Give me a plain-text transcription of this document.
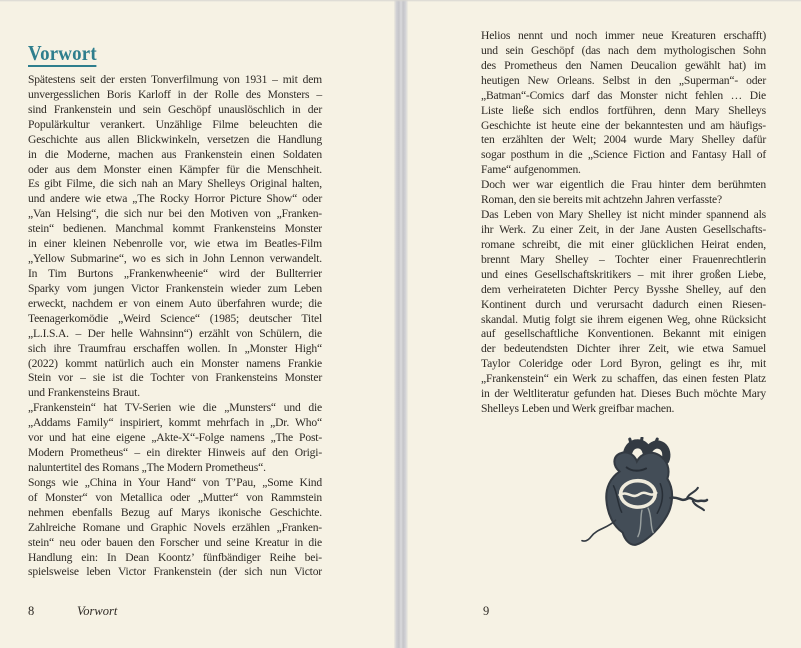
Vorwort
Spätestens seit der ersten Tonverfilmung von 1931 – mit dem
unvergesslichen Boris Karloff in der Rolle des Monsters –
sind Frankenstein und sein Geschöpf unauslöschlich in der
Populärkultur verankert. Unzählige Filme beleuchten die
Geschichte aus allen Blickwinkeln, versetzen die Handlung
in die Moderne, machen aus Frankenstein einen Soldaten
oder aus dem Monster einen Kämpfer für die Menschheit.
Es gibt Filme, die sich nah an Mary Shelleys Original halten,
und andere wie etwa „The Rocky Horror Picture Show“ oder
„Van Helsing“, die sich nur bei den Motiven von „Franken-
stein“ bedienen. Manchmal kommt Frankensteins Monster
in einer kleinen Nebenrolle vor, wie etwa im Beatles-Film
„Yellow Submarine“, wo es sich in John Lennon verwandelt.
In Tim Burtons „Frankenwheenie“ wird der Bullterrier
Sparky vom jungen Victor Frankenstein wieder zum Leben
erweckt, nachdem er von einem Auto überfahren wurde; die
Teenagerkomödie „Weird Science“ (1985; deutscher Titel
„L.I.S.A. – Der helle Wahnsinn“) erzählt von Schülern, die
sich ihre Traumfrau erschaffen wollen. In „Monster High“
(2022) kommt natürlich auch ein Monster namens Frankie
Stein vor – sie ist die Tochter von Frankensteins Monster
und Frankensteins Braut.
„Frankenstein“ hat TV-Serien wie die „Munsters“ und die
„Addams Family“ inspiriert, kommt mehrfach in „Dr. Who“
vor und hat eine eigene „Akte-X“-Folge namens „The Post-
Modern Prometheus“ – ein direkter Hinweis auf den Origi-
naluntertitel des Romans „The Modern Prometheus“.
Songs wie „China in Your Hand“ von T’Pau, „Some Kind
of Monster“ von Metallica oder „Mutter“ von Rammstein
nehmen ebenfalls Bezug auf Marys ikonische Geschichte.
Zahlreiche Romane und Graphic Novels erzählen „Franken-
stein“ neu oder bauen den Forscher und seine Kreatur in die
Handlung ein: In Dean Koontz’ fünfbändiger Reihe bei-
spielsweise leben Victor Frankenstein (der sich nun Victor
8	Vorwort
Helios nennt und noch immer neue Kreaturen erschafft)
und sein Geschöpf (das nach dem mythologischen Sohn
des Prometheus den Namen Deucalion gewählt hat) im
heutigen New Orleans. Selbst in den „Superman“- oder
„Batman“-Comics darf das Monster nicht fehlen … Die
Liste ließe sich endlos fortführen, denn Mary Shelleys
Geschichte ist heute eine der bekanntesten und am häufigs-
ten erzählten der Welt; 2004 wurde Mary Shelley dafür
sogar posthum in die „Science Fiction and Fantasy Hall of
Fame“ aufgenommen.
Doch wer war eigentlich die Frau hinter dem berühmten
Roman, den sie bereits mit achtzehn Jahren verfasste?
Das Leben von Mary Shelley ist nicht minder spannend als
ihr Werk. Zu einer Zeit, in der Jane Austen Gesellschafts-
romane schreibt, die mit einer glücklichen Heirat enden,
brennt Mary Shelley – Tochter einer Frauenrechtlerin
und eines Gesellschaftskritikers – mit ihrer großen Liebe,
dem verheirateten Dichter Percy Bysshe Shelley, auf den
Kontinent durch und verursacht dadurch einen Riesen-
skandal. Mutig folgt sie ihrem eigenen Weg, ohne Rücksicht
auf gesellschaftliche Konventionen. Bekannt mit einigen
der bedeutendsten Dichter ihrer Zeit, wie etwa Samuel
Taylor Coleridge oder Lord Byron, gelingt es ihr, mit
„Frankenstein“ ein Werk zu schaffen, das einen festen Platz
in der Weltliteratur gefunden hat. Dieses Buch möchte Mary
Shelleys Leben und Werk greifbar machen.
9
